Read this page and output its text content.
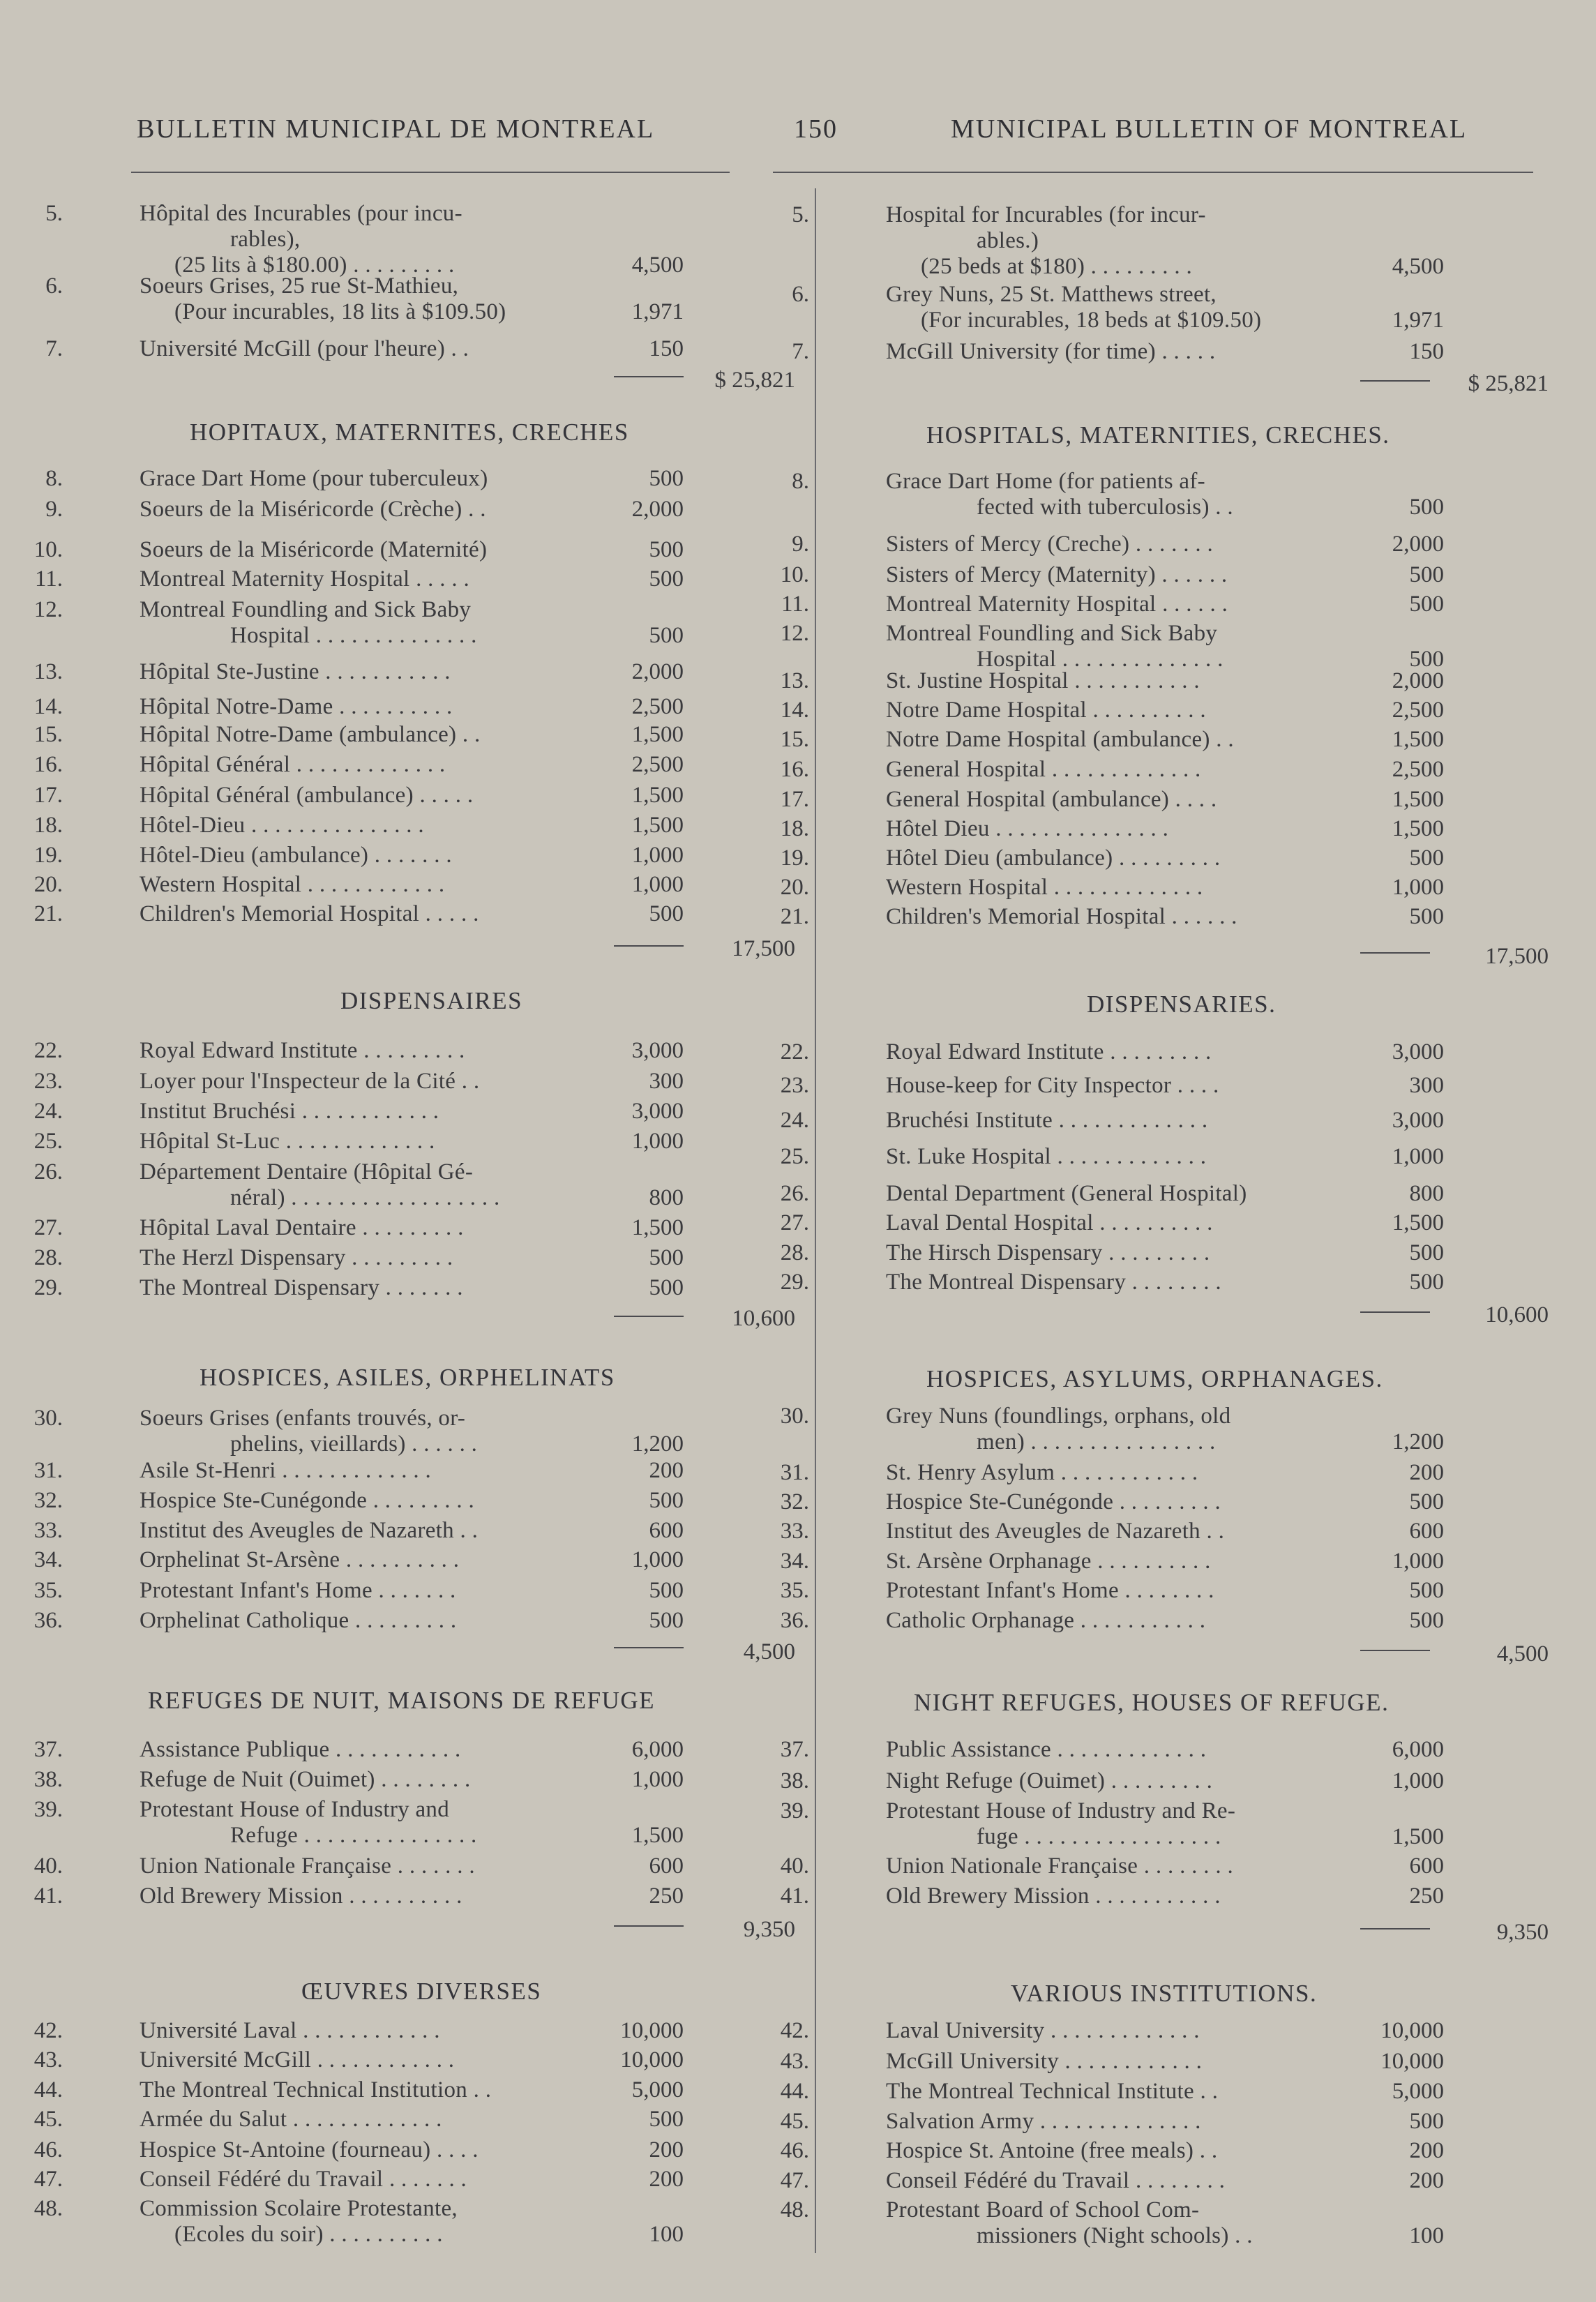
BULLETIN MUNICIPAL DE MONTREAL	150	MUNICIPAL BULLETIN OF MONTREAL
5.	Hôpital des Incurables (pour incu-
rables),
(25 lits à $180.00) . . . . . . . . .	4,500
6.	Soeurs Grises, 25 rue St-Mathieu,
(Pour incurables, 18 lits à $109.50)	1,971
7.	Université McGill (pour l'heure) . .	150
$ 25,821
HOPITAUX, MATERNITES, CRECHES
8.	Grace Dart Home (pour tuberculeux)	500
9.	Soeurs de la Miséricorde (Crèche) . .	2,000
10.	Soeurs de la Miséricorde (Maternité)	500
11.	Montreal Maternity Hospital . . . . .	500
12.	Montreal Foundling and Sick Baby
Hospital . . . . . . . . . . . . . .	500
13.	Hôpital Ste-Justine . . . . . . . . . . .	2,000
14.	Hôpital Notre-Dame . . . . . . . . . .	2,500
15.	Hôpital Notre-Dame (ambulance) . .	1,500
16.	Hôpital Général . . . . . . . . . . . . .	2,500
17.	Hôpital Général (ambulance) . . . . .	1,500
18.	Hôtel-Dieu . . . . . . . . . . . . . . .	1,500
19.	Hôtel-Dieu (ambulance) . . . . . . .	1,000
20.	Western Hospital . . . . . . . . . . . .	1,000
21.	Children's Memorial Hospital . . . . .	500
17,500
DISPENSAIRES
22.	Royal Edward Institute . . . . . . . . .	3,000
23.	Loyer pour l'Inspecteur de la Cité . .	300
24.	Institut Bruchési . . . . . . . . . . . .	3,000
25.	Hôpital St-Luc . . . . . . . . . . . . .	1,000
26.	Département Dentaire (Hôpital Gé-
néral) . . . . . . . . . . . . . . . . . .	800
27.	Hôpital Laval Dentaire . . . . . . . . .	1,500
28.	The Herzl Dispensary . . . . . . . . .	500
29.	The Montreal Dispensary . . . . . . .	500
10,600
HOSPICES, ASILES, ORPHELINATS
30.	Soeurs Grises (enfants trouvés, or-
phelins, vieillards) . . . . . .	1,200
31.	Asile St-Henri . . . . . . . . . . . . .	200
32.	Hospice Ste-Cunégonde . . . . . . . . .	500
33.	Institut des Aveugles de Nazareth . .	600
34.	Orphelinat St-Arsène . . . . . . . . . .	1,000
35.	Protestant Infant's Home . . . . . . .	500
36.	Orphelinat Catholique . . . . . . . . .	500
4,500
REFUGES DE NUIT, MAISONS DE REFUGE
37.	Assistance Publique . . . . . . . . . . .	6,000
38.	Refuge de Nuit (Ouimet) . . . . . . . .	1,000
39.	Protestant House of Industry and
Refuge . . . . . . . . . . . . . . .	1,500
40.	Union Nationale Française . . . . . . .	600
41.	Old Brewery Mission . . . . . . . . . .	250
9,350
ŒUVRES DIVERSES
42.	Université Laval . . . . . . . . . . . .	10,000
43.	Université McGill . . . . . . . . . . . .	10,000
44.	The Montreal Technical Institution . .	5,000
45.	Armée du Salut . . . . . . . . . . . . .	500
46.	Hospice St-Antoine (fourneau) . . . .	200
47.	Conseil Fédéré du Travail . . . . . . .	200
48.	Commission Scolaire Protestante,
(Ecoles du soir) . . . . . . . . . .	100
5.	Hospital for Incurables (for incur-
ables.)
(25 beds at $180) . . . . . . . . .	4,500
6.	Grey Nuns, 25 St. Matthews street,
(For incurables, 18 beds at $109.50)	1,971
7.	McGill University (for time) . . . . .	150
$ 25,821
HOSPITALS, MATERNITIES, CRECHES.
8.	Grace Dart Home (for patients af-
fected with tuberculosis) . .	500
9.	Sisters of Mercy (Creche) . . . . . . .	2,000
10.	Sisters of Mercy (Maternity) . . . . . .	500
11.	Montreal Maternity Hospital . . . . . .	500
12.	Montreal Foundling and Sick Baby
Hospital . . . . . . . . . . . . . .	500
13.	St. Justine Hospital . . . . . . . . . . .	2,000
14.	Notre Dame Hospital . . . . . . . . . .	2,500
15.	Notre Dame Hospital (ambulance) . .	1,500
16.	General Hospital . . . . . . . . . . . . .	2,500
17.	General Hospital (ambulance) . . . .	1,500
18.	Hôtel Dieu . . . . . . . . . . . . . . .	1,500
19.	Hôtel Dieu (ambulance) . . . . . . . . .	500
20.	Western Hospital . . . . . . . . . . . . .	1,000
21.	Children's Memorial Hospital . . . . . .	500
17,500
DISPENSARIES.
22.	Royal Edward Institute . . . . . . . . .	3,000
23.	House-keep for City Inspector . . . .	300
24.	Bruchési Institute . . . . . . . . . . . . .	3,000
25.	St. Luke Hospital . . . . . . . . . . . . .	1,000
26.	Dental Department (General Hospital)	800
27.	Laval Dental Hospital . . . . . . . . . .	1,500
28.	The Hirsch Dispensary . . . . . . . . .	500
29.	The Montreal Dispensary . . . . . . . .	500
10,600
HOSPICES, ASYLUMS, ORPHANAGES.
30.	Grey Nuns (foundlings, orphans, old
men) . . . . . . . . . . . . . . . .	1,200
31.	St. Henry Asylum . . . . . . . . . . . .	200
32.	Hospice Ste-Cunégonde . . . . . . . . .	500
33.	Institut des Aveugles de Nazareth . .	600
34.	St. Arsène Orphanage . . . . . . . . . .	1,000
35.	Protestant Infant's Home . . . . . . . .	500
36.	Catholic Orphanage . . . . . . . . . . .	500
4,500
NIGHT REFUGES, HOUSES OF REFUGE.
37.	Public Assistance . . . . . . . . . . . . .	6,000
38.	Night Refuge (Ouimet) . . . . . . . . .	1,000
39.	Protestant House of Industry and Re-
fuge . . . . . . . . . . . . . . . . .	1,500
40.	Union Nationale Française . . . . . . . .	600
41.	Old Brewery Mission . . . . . . . . . . .	250
9,350
VARIOUS INSTITUTIONS.
42.	Laval University . . . . . . . . . . . . .	10,000
43.	McGill University . . . . . . . . . . . .	10,000
44.	The Montreal Technical Institute . .	5,000
45.	Salvation Army . . . . . . . . . . . . . .	500
46.	Hospice St. Antoine (free meals) . .	200
47.	Conseil Fédéré du Travail . . . . . . . .	200
48.	Protestant Board of School Com-
missioners (Night schools) . .	100
